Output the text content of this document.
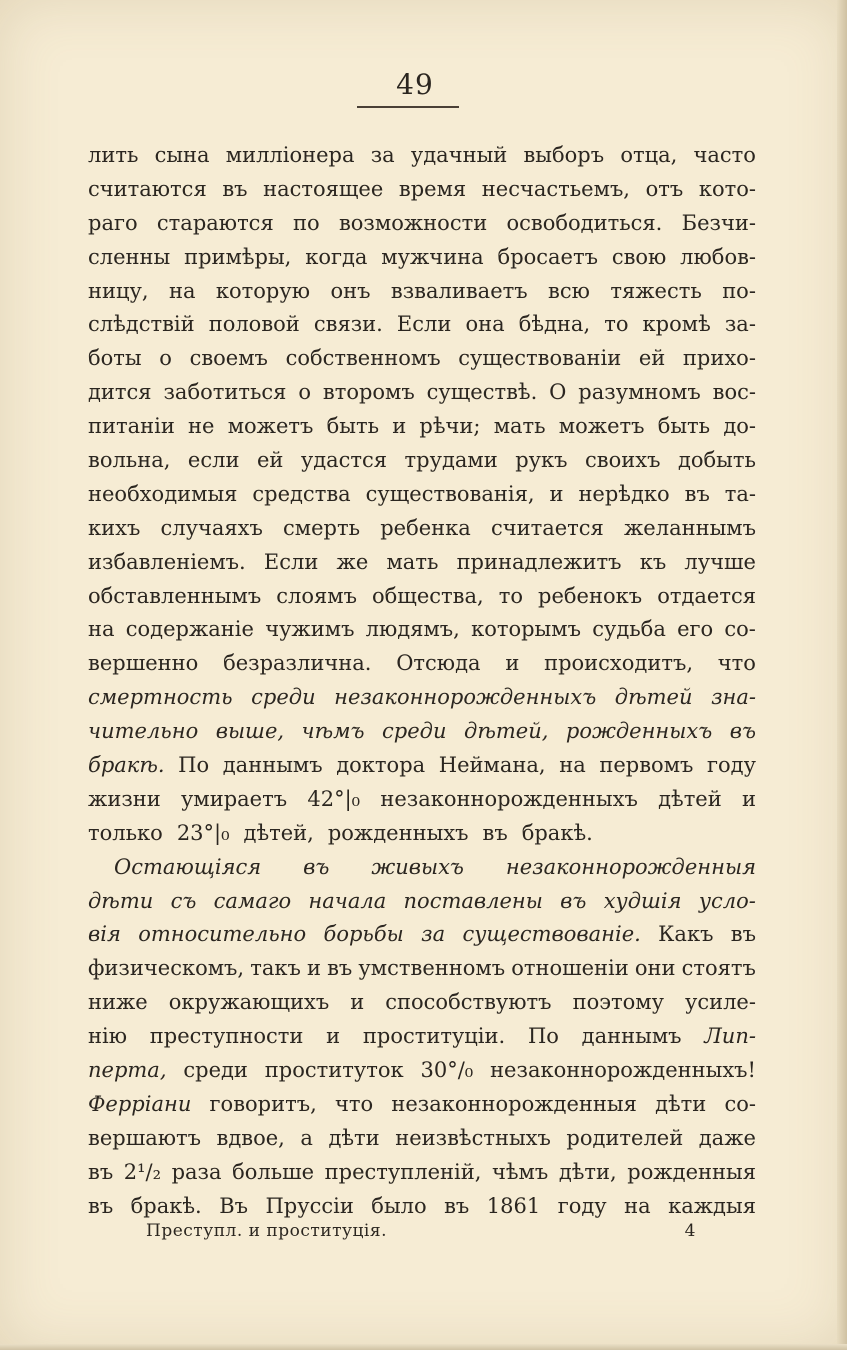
49
лить сына милліонера за удачный выборъ отца, часто
считаются въ настоящее время несчастьемъ, отъ кото-
раго стараются по возможности освободиться. Безчи-
сленны примѣры, когда мужчина бросаетъ свою любов-
ницу, на которую онъ взваливаетъ всю тяжесть по-
слѣдствій половой связи. Если она бѣдна, то кромѣ за-
боты о своемъ собственномъ существованіи ей прихо-
дится заботиться о второмъ существѣ. О разумномъ вос-
питаніи не можетъ быть и рѣчи; мать можетъ быть до-
вольна, если ей удастся трудами рукъ своихъ добыть
необходимыя средства существованія, и нерѣдко въ та-
кихъ случаяхъ смерть ребенка считается желаннымъ
избавленіемъ. Если же мать принадлежитъ къ лучше
обставленнымъ слоямъ общества, то ребенокъ отдается
на содержаніе чужимъ людямъ, которымъ судьба его со-
вершенно безразлична. Отсюда и происходитъ, что
смертность среди незаконнорожденныхъ дѣтей зна-
чительно выше, чѣмъ среди дѣтей, рожденныхъ въ
бракѣ. По даннымъ доктора Неймана, на первомъ году
жизни умираетъ 42°|₀ незаконнорожденныхъ дѣтей и
только 23°|₀ дѣтей, рожденныхъ въ бракѣ.
Остающіяся въ живыхъ незаконнорожденныя
дѣти съ самаго начала поставлены въ худшія усло-
вія относительно борьбы за существованіе. Какъ въ
физическомъ, такъ и въ умственномъ отношеніи они стоятъ
ниже окружающихъ и способствуютъ поэтому усиле-
нію преступности и проституціи. По даннымъ Лип-
перта, среди проституток 30°/₀ незаконнорожденныхъ!
Ферріани говоритъ, что незаконнорожденныя дѣти со-
вершаютъ вдвое, а дѣти неизвѣстныхъ родителей даже
въ 2¹/₂ раза больше преступленій, чѣмъ дѣти, рожденныя
въ бракѣ. Въ Пруссіи было въ 1861 году на каждыя
Преступл. и проституція.	4
